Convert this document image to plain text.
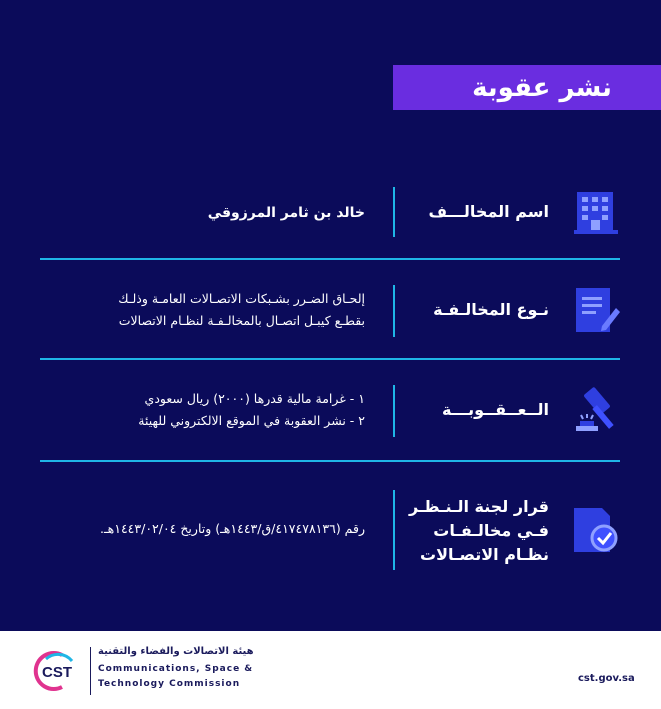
نشر عقوبة
اسم المخالـــف
خالد بن ثامر المرزوقي
نـوع المخالـفـة
إلحـاق الضـرر بشـبكات الاتصـالات العامـة وذلـك
بقطـع كيبـل اتصـال بالمخالـفـة لنظـام الاتصالات
الــعــقــوبـــة
١ - غرامة مالية قدرها (٢٠٠٠) ريال سعودي
٢ - نشر العقوبة في الموقع الالكتروني للهيئة
قرار لجنة الـنـظـر
فـي مخالـفـات
نظـام الاتصـالات
رقم (٤١٧٤٧٨١٣٦/ق/١٤٤٣هـ) وتاريخ ١٤٤٣/٠٢/٠٤هـ.
CST
هيئة الاتصالات والفضاء والتقنية
Communications, Space &
Technology Commission	cst.gov.sa
